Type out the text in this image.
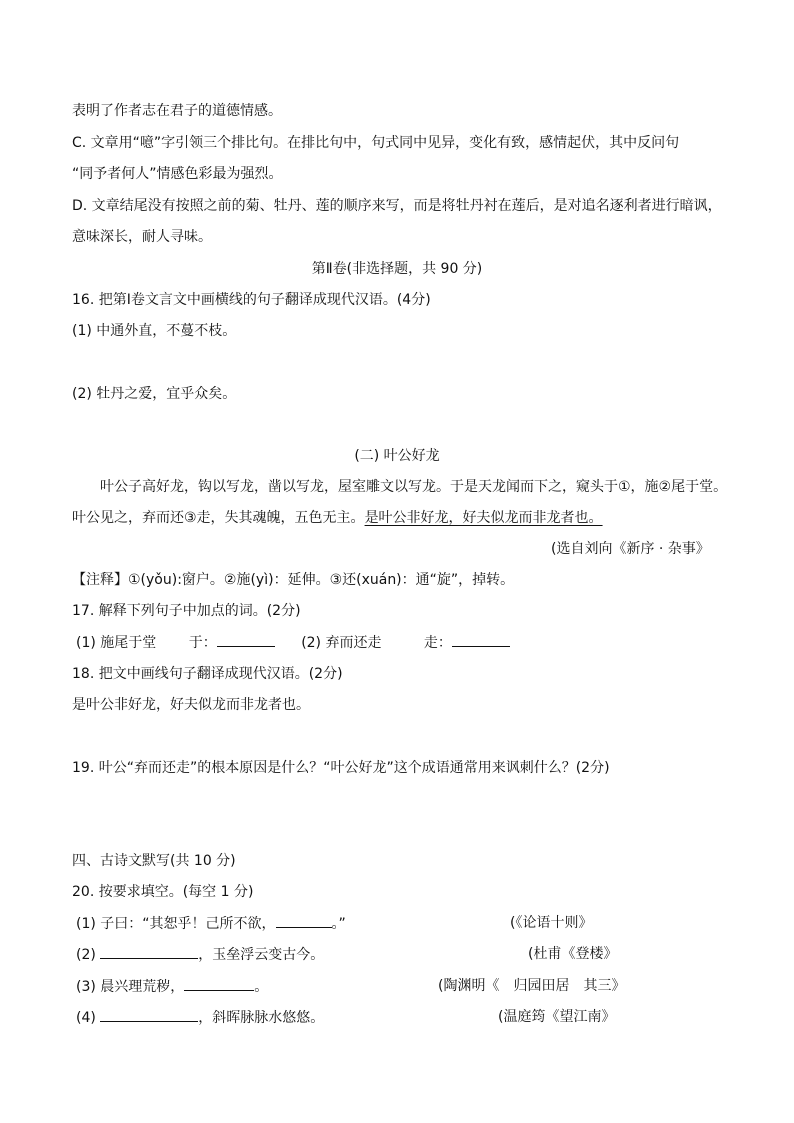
表明了作者志在君子的道德情感。
C. 文章用“噫”字引领三个排比句。在排比句中，句式同中见异，变化有致，感情起伏，其中反问句
“同予者何人”情感色彩最为强烈。
D. 文章结尾没有按照之前的菊、牡丹、莲的顺序来写，而是将牡丹衬在莲后，是对追名逐利者进行暗讽，
意味深长，耐人寻味。
第Ⅱ卷(非选择题，共 90 分)
16. 把第Ⅰ卷文言文中画横线的句子翻译成现代汉语。(4分)
(1) 中通外直，不蔓不枝。
(2) 牡丹之爱，宜乎众矣。
(二) 叶公好龙
叶公子高好龙，钩以写龙，凿以写龙，屋室雕文以写龙。于是天龙闻而下之，窥头于①，施②尾于堂。
叶公见之，弃而还③走，失其魂魄，五色无主。是叶公非好龙，好夫似龙而非龙者也。
(选自刘向《新序 · 杂事》
【注释】①(yǒu):窗户。②施(yì)：延伸。③还(xuán)：通“旋”，掉转。
17. 解释下列句子中加点的词。(2分)
(1) 施尾于堂 于：	(2) 弃而还走	走：
18. 把文中画线句子翻译成现代汉语。(2分)
是叶公非好龙，好夫似龙而非龙者也。
19. 叶公“弃而还走”的根本原因是什么？“叶公好龙”这个成语通常用来讽刺什么？(2分)
四、古诗文默写(共 10 分)
20. 按要求填空。(每空 1 分)
(1) 子曰：“其恕乎！己所不欲，	。”	(《论语十则》
(2)	，玉垒浮云变古今。	(杜甫《登楼》
(3) 晨兴理荒秽，	。	(陶渊明《　归园田居　其三》
(4)	，斜晖脉脉水悠悠。	(温庭筠《望江南》
